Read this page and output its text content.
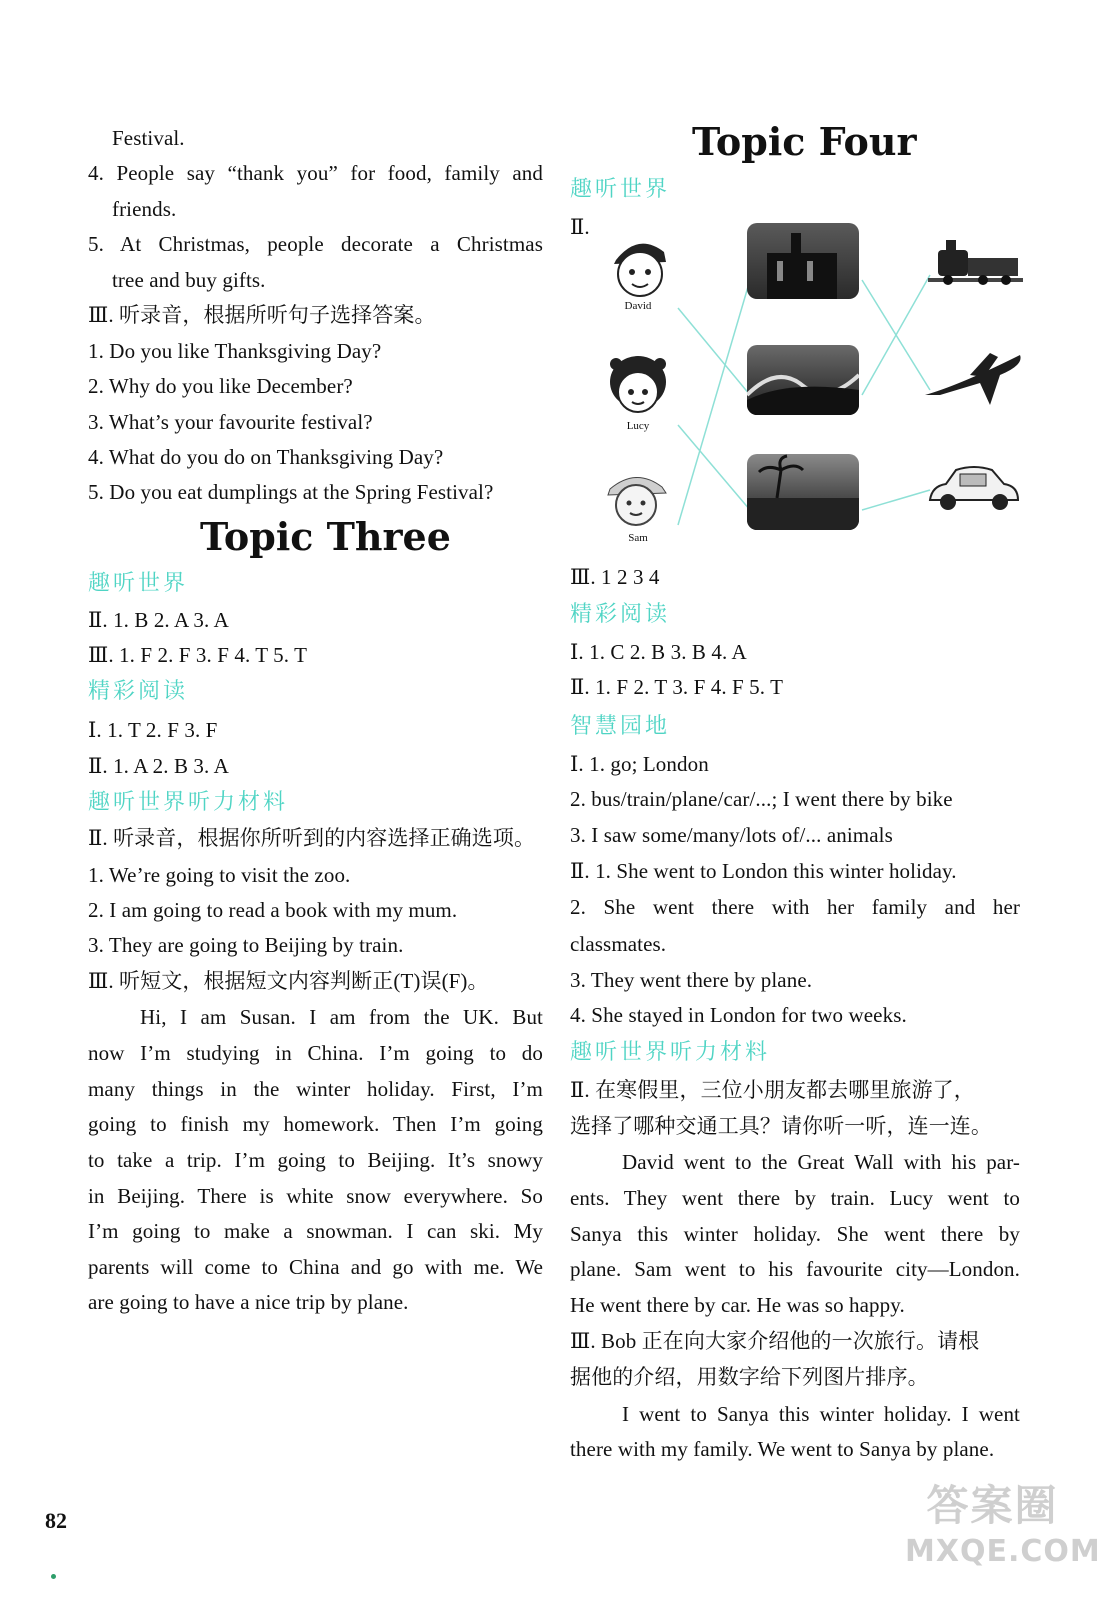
Festival.
4. People say “thank you” for food, family and
friends.
5. At Christmas, people decorate a Christmas
tree and buy gifts.
Ⅲ. 听录音，根据所听句子选择答案。
1. Do you like Thanksgiving Day?
2. Why do you like December?
3. What’s your favourite festival?
4. What do you do on Thanksgiving Day?
5. Do you eat dumplings at the Spring Festival?
Topic Three
趣听世界
Ⅱ. 1. B 2. A 3. A
Ⅲ. 1. F 2. F 3. F 4. T 5. T
精彩阅读
Ⅰ. 1. T 2. F 3. F
Ⅱ. 1. A 2. B 3. A
趣听世界听力材料
Ⅱ. 听录音，根据你所听到的内容选择正确选项。
1. We’re going to visit the zoo.
2. I am going to read a book with my mum.
3. They are going to Beijing by train.
Ⅲ. 听短文，根据短文内容判断正(T)误(F)。
Hi, I am Susan. I am from the UK. But
now I’m studying in China. I’m going to do
many things in the winter holiday. First, I’m
going to finish my homework. Then I’m going
to take a trip. I’m going to Beijing. It’s snowy
in Beijing. There is white snow everywhere. So
I’m going to make a snowman. I can ski. My
parents will come to China and go with me. We
are going to have a nice trip by plane.
Topic Four
趣听世界
Ⅱ.
Ⅲ. 1 2 3 4
精彩阅读
Ⅰ. 1. C 2. B 3. B 4. A
Ⅱ. 1. F 2. T 3. F 4. F 5. T
智慧园地
Ⅰ. 1. go; London
2. bus/train/plane/car/...; I went there by bike
3. I saw some/many/lots of/... animals
Ⅱ. 1. She went to London this winter holiday.
2. She went there with her family and her
classmates.
3. They went there by plane.
4. She stayed in London for two weeks.
趣听世界听力材料
Ⅱ. 在寒假里，三位小朋友都去哪里旅游了，
选择了哪种交通工具？请你听一听，连一连。
David went to the Great Wall with his par-
ents. They went there by train. Lucy went to
Sanya this winter holiday. She went there by
plane. Sam went to his favourite city—London.
He went there by car. He was so happy.
Ⅲ. Bob 正在向大家介绍他的一次旅行。请根
据他的介绍，用数字给下列图片排序。
I went to Sanya this winter holiday. I went
there with my family. We went to Sanya by plane.
David
Lucy
Sam
82	答案圈
MXQE.COM
